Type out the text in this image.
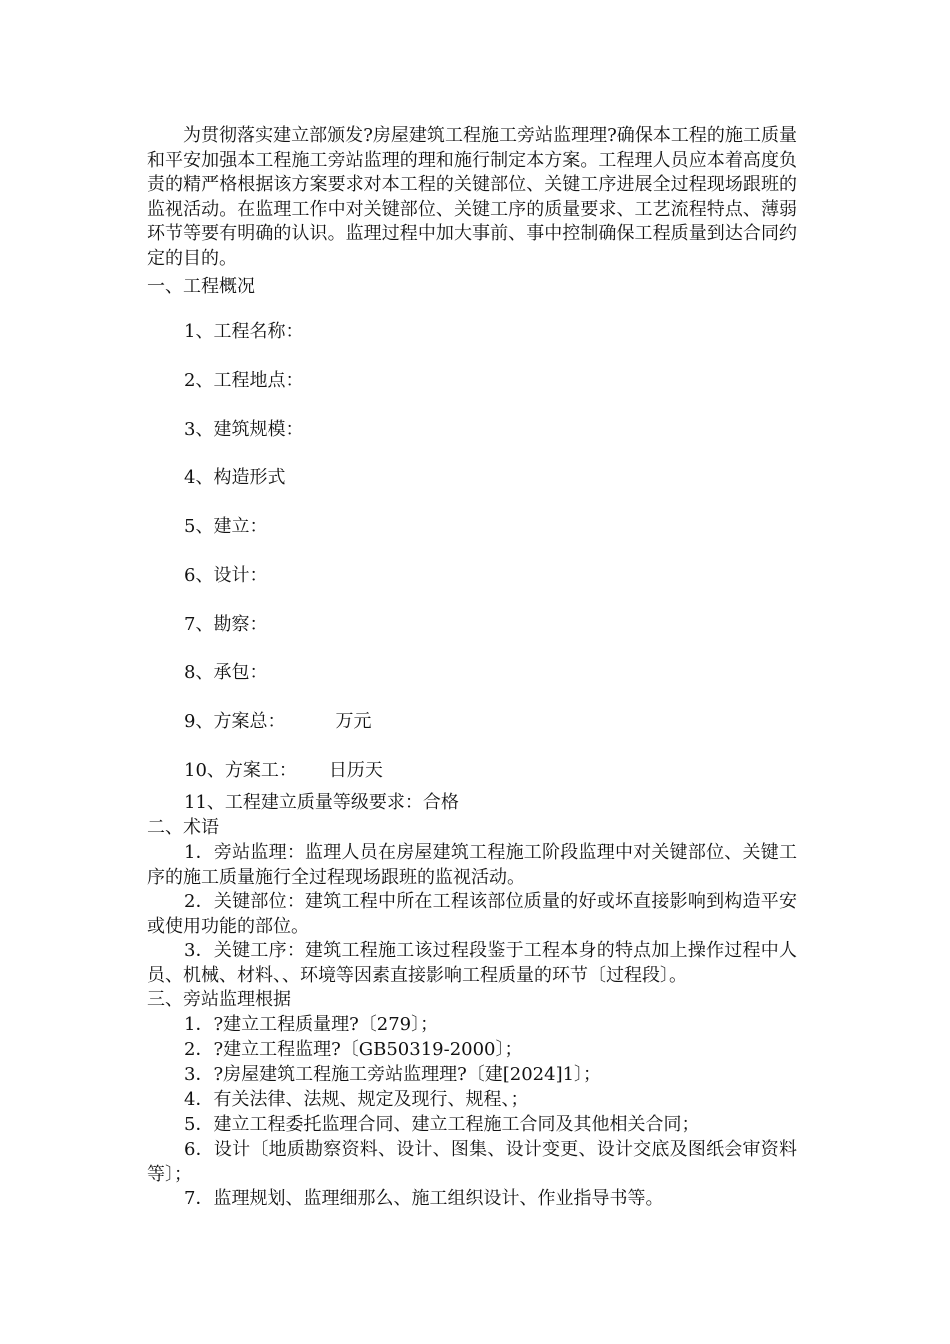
为贯彻落实建立部颁发?房屋建筑工程施工旁站监理理?确保本工程的施工质量和平安加强本工程施工旁站监理的理和施行制定本方案。工程理人员应本着高度负责的精严格根据该方案要求对本工程的关键部位、关键工序进展全过程现场跟班的监视活动。在监理工作中对关键部位、关键工序的质量要求、工艺流程特点、薄弱环节等要有明确的认识。监理过程中加大事前、事中控制确保工程质量到达合同约定的目的。

一、工程概况

1、工程名称：

2、工程地点：

3、建筑规模：

4、构造形式

5、建立：

6、设计：

7、勘察：

8、承包：

9、方案总：	万元

10、方案工： 日历天

11、工程建立质量等级要求：合格

二、术语

1．旁站监理：监理人员在房屋建筑工程施工阶段监理中对关键部位、关键工序的施工质量施行全过程现场跟班的监视活动。

2．关键部位：建筑工程中所在工程该部位质量的好或坏直接影响到构造平安或使用功能的部位。

3．关键工序：建筑工程施工该过程段鉴于工程本身的特点加上操作过程中人员、机械、材料、、环境等因素直接影响工程质量的环节〔过程段〕。

三、旁站监理根据

1．?建立工程质量理?〔279〕；

2．?建立工程监理?〔GB50319-2000〕；

3．?房屋建筑工程施工旁站监理理?〔建[2024]1〕；

4．有关法律、法规、规定及现行、规程、；

5．建立工程委托监理合同、建立工程施工合同及其他相关合同；

6．设计〔地质勘察资料、设计、图集、设计变更、设计交底及图纸会审资料等〕；

7．监理规划、监理细那么、施工组织设计、作业指导书等。
